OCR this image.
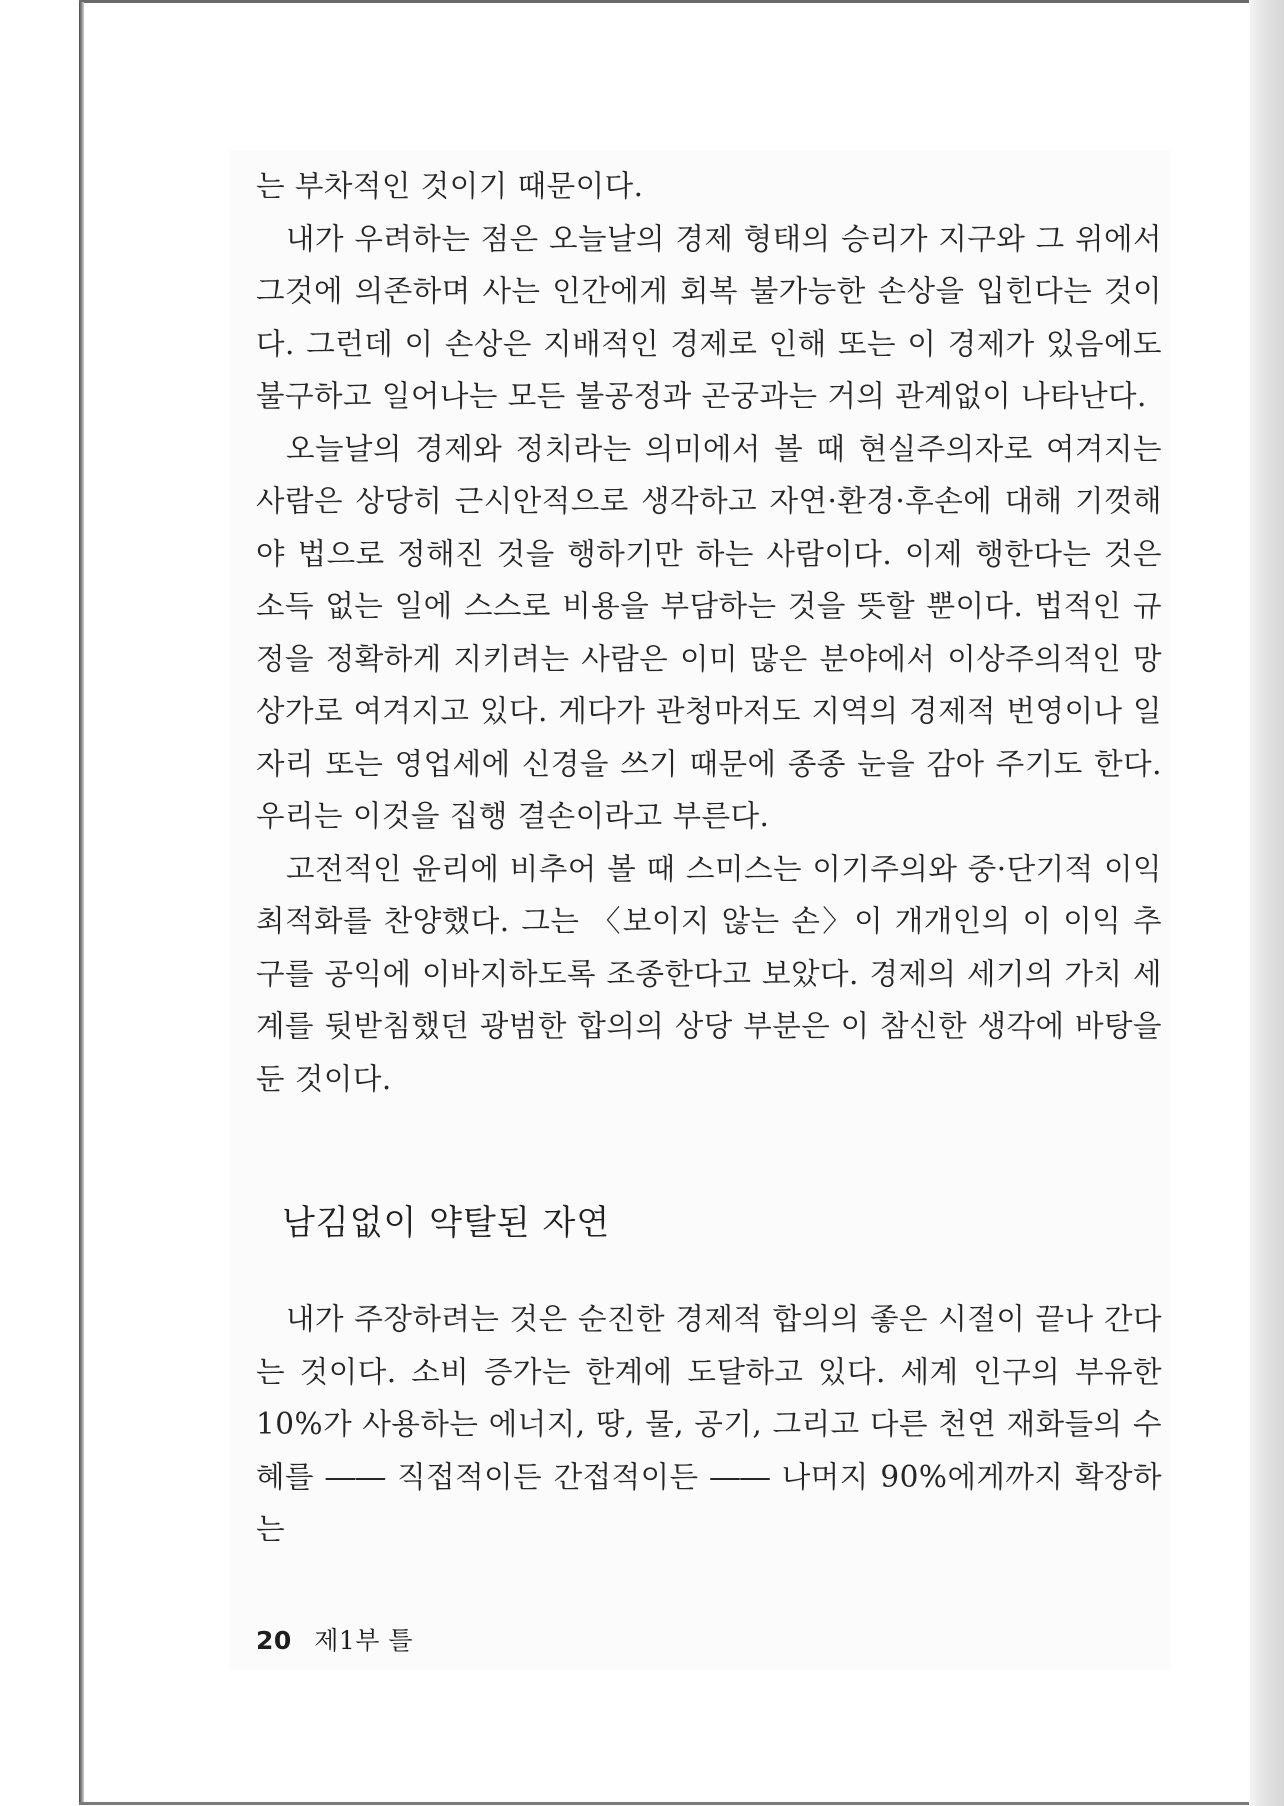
는 부차적인 것이기 때문이다.

내가 우려하는 점은 오늘날의 경제 형태의 승리가 지구와 그 위에서 그것에 의존하며 사는 인간에게 회복 불가능한 손상을 입힌다는 것이다. 그런데 이 손상은 지배적인 경제로 인해 또는 이 경제가 있음에도 불구하고 일어나는 모든 불공정과 곤궁과는 거의 관계없이 나타난다.

오늘날의 경제와 정치라는 의미에서 볼 때 현실주의자로 여겨지는 사람은 상당히 근시안적으로 생각하고 자연·환경·후손에 대해 기껏해야 법으로 정해진 것을 행하기만 하는 사람이다. 이제 행한다는 것은 소득 없는 일에 스스로 비용을 부담하는 것을 뜻할 뿐이다. 법적인 규정을 정확하게 지키려는 사람은 이미 많은 분야에서 이상주의적인 망상가로 여겨지고 있다. 게다가 관청마저도 지역의 경제적 번영이나 일자리 또는 영업세에 신경을 쓰기 때문에 종종 눈을 감아 주기도 한다. 우리는 이것을 집행 결손이라고 부른다.

고전적인 윤리에 비추어 볼 때 스미스는 이기주의와 중·단기적 이익 최적화를 찬양했다. 그는 〈보이지 않는 손〉이 개개인의 이 이익 추구를 공익에 이바지하도록 조종한다고 보았다. 경제의 세기의 가치 세계를 뒷받침했던 광범한 합의의 상당 부분은 이 참신한 생각에 바탕을 둔 것이다.

남김없이 약탈된 자연

내가 주장하려는 것은 순진한 경제적 합의의 좋은 시절이 끝나 간다는 것이다. 소비 증가는 한계에 도달하고 있다. 세계 인구의 부유한 10%가 사용하는 에너지, 땅, 물, 공기, 그리고 다른 천연 재화들의 수혜를 ―― 직접적이든 간접적이든 ―― 나머지 90%에게까지 확장하는

20 제1부 틀
